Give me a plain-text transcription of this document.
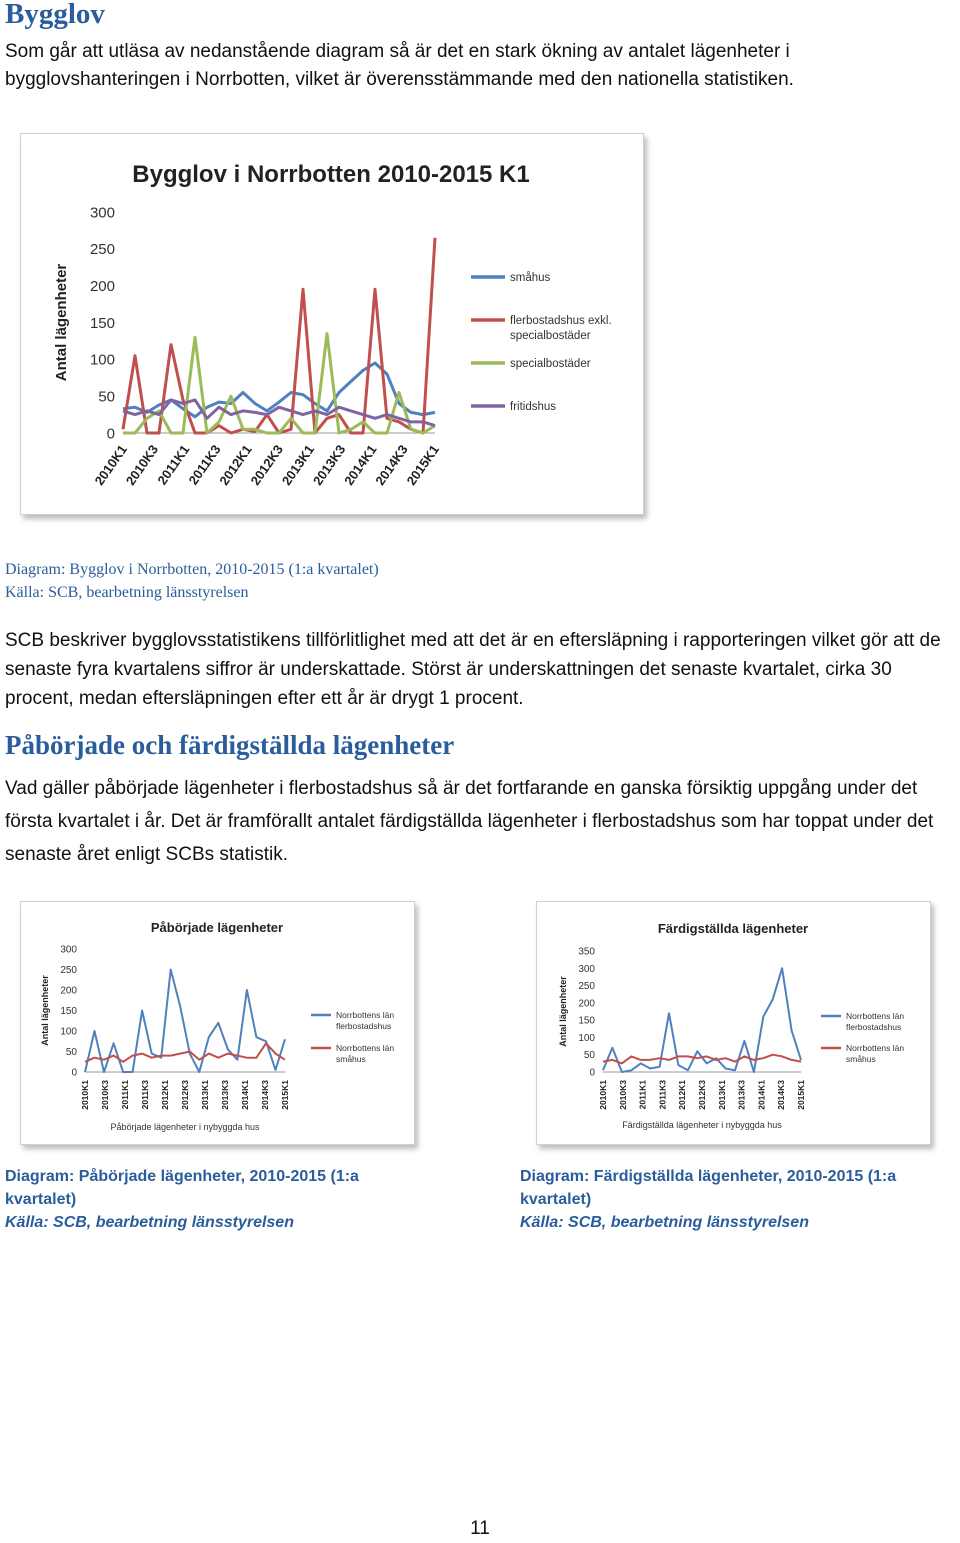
Bygglov

Som går att utläsa av nedanstående diagram så är det en stark ökning av antalet lägenheter i bygglovshanteringen i Norrbotten, vilket är överensstämmande med den nationella statistiken.

Bygglov i Norrbotten 2010-2015 K1
Antal lägenheter
0
50
100
150
200
250
300
2010K1
2010K3
2011K1
2011K3
2012K1
2012K3
2013K1
2013K3
2014K1
2014K3
2015K1
småhus
flerbostadshus exkl. specialbostäder
specialbostäder
fritidshus
Diagram: Bygglov i Norrbotten, 2010-2015 (1:a kvartalet)
Källa: SCB, bearbetning länsstyrelsen

SCB beskriver bygglovsstatistikens tillförlitlighet med att det är en eftersläpning i rapporteringen vilket gör att de senaste fyra kvartalens siffror är underskattade. Störst är underskattningen det senaste kvartalet, cirka 30 procent, medan eftersläpningen efter ett år är drygt 1 procent.

Påbörjade och färdigställda lägenheter

Vad gäller påbörjade lägenheter i flerbostadshus så är det fortfarande en ganska försiktig uppgång under det första kvartalet i år. Det är framförallt antalet färdigställda lägenheter i flerbostadshus som har toppat under det senaste året enligt SCBs statistik.

Påbörjade lägenheter
Antal lägenheter
0
50
100
150
200
250
300
2010K1 2010K3 2011K1 2011K3 2012K1 2012K3 2013K1 2013K3 2014K1 2014K3 2015K1
Påbörjade lägenheter i nybyggda hus
Norrbottens län flerbostadshus
Norrbottens län småhus
Färdigställda lägenheter
Antal lägenheter
0
50
100
150
200
250
300
350
2010K1 2010K3 2011K1 2011K3 2012K1 2012K3 2013K1 2013K3 2014K1 2014K3 2015K1
Färdigställda lägenheter i nybyggda hus
Norrbottens län flerbostadshus
Norrbottens län småhus
Diagram: Påbörjade lägenheter, 2010-2015 (1:a kvartalet)
Källa: SCB, bearbetning länsstyrelsen
Diagram: Färdigställda lägenheter, 2010-2015 (1:a kvartalet)
Källa: SCB, bearbetning länsstyrelsen
11
